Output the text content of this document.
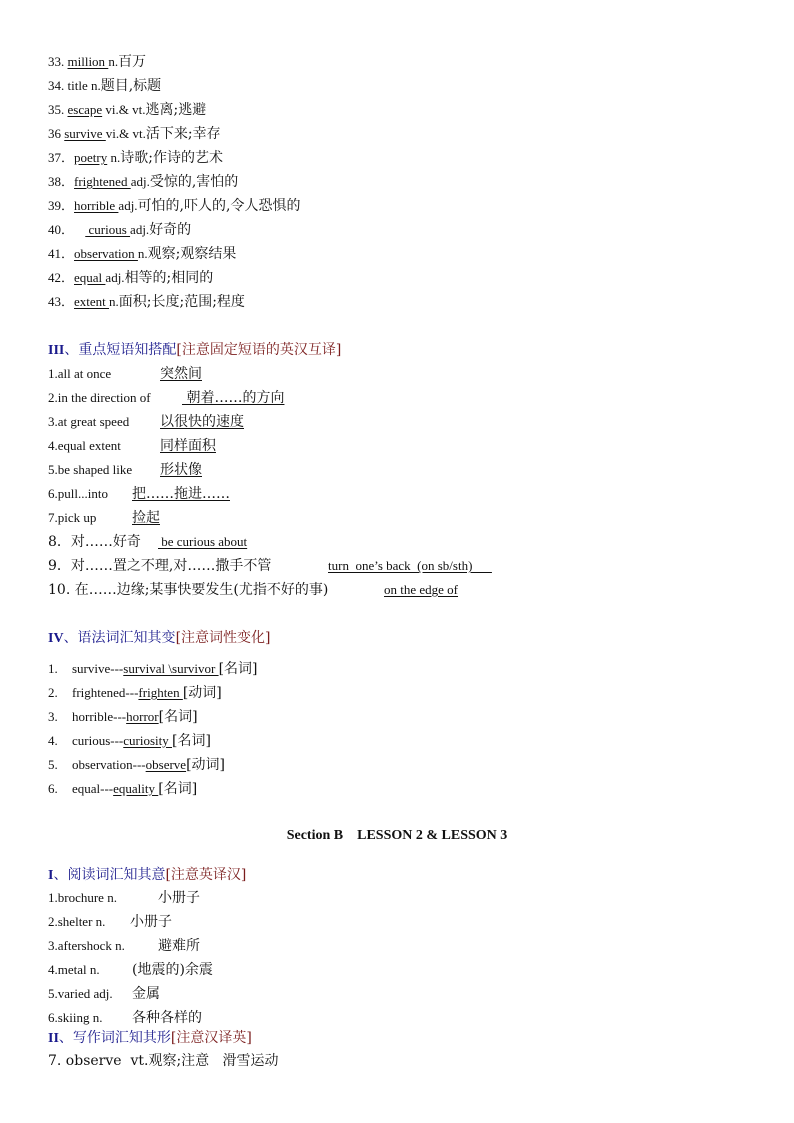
33. million n.百万
34. title n.题目,标题
35. escape vi.& vt.逃离;逃避
36 survive vi.& vt.活下来;幸存
37．poetry n.诗歌;作诗的艺术
38．frightened adj.受惊的,害怕的
39．horrible adj.可怕的,吓人的,令人恐惧的
40．  curious adj.好奇的
41．observation n.观察;观察结果
42．equal adj.相等的;相同的
43．extent n.面积;长度;范围;程度
III、重点短语知搭配[注意固定短语的英汉互译]
1.all at once	突然间
2.in the direction of 朝着……的方向
3.at great speed 以很快的速度
4.equal extent	同样面积
5.be shaped like 形状像
6.pull...into 把……拖进……
7.pick up	捡起
8．对……好奇 be curious about
9．对……置之不理,对……撒手不管	turn  one’s back  (on sb/sth)
10. 在……边缘;某事快要发生(尤指不好的事)	on the edge of
IV、语法词汇知其变[注意词性变化]
1. survive---survival \survivor [名词]
2. frightened---frighten [动词]
3. horrible---horror[名词]
4. curious---curiosity [名词]
5. observation---observe[动词]
6. equal---equality [名词]
Section B    LESSON 2 & LESSON 3
I、阅读词汇知其意[注意英译汉]
1.brochure n.	小册子
2.shelter n. 小册子
3.aftershock n. 避难所
4.metal n. (地震的)余震
5.varied adj. 金属
6.skiing n. 各种各样的
II、写作词汇知其形[注意汉译英]
7. observe  vt.观察;注意   滑雪运动
